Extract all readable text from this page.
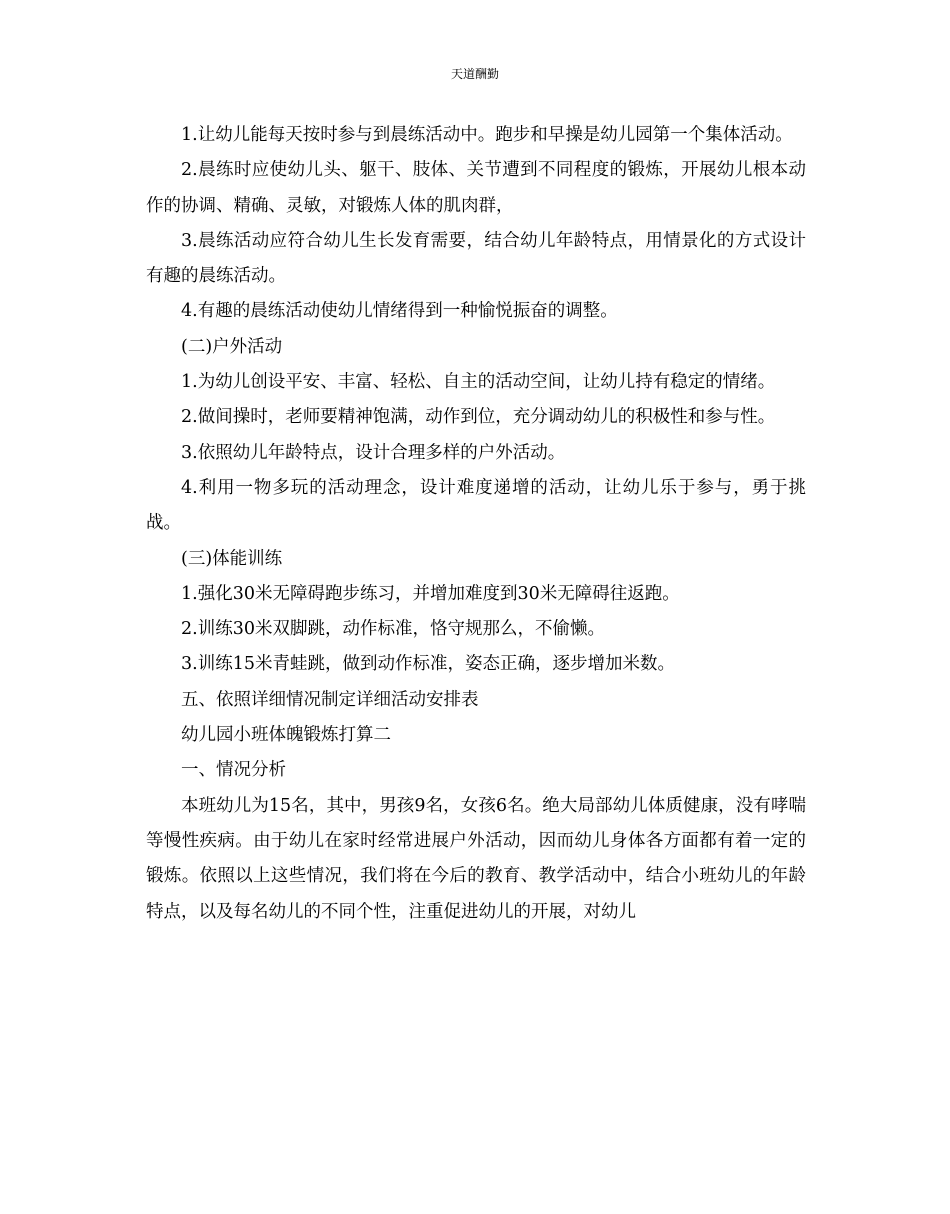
天道酬勤

1.让幼儿能每天按时参与到晨练活动中。跑步和早操是幼儿园第一个集体活动。

2.晨练时应使幼儿头、躯干、肢体、关节遭到不同程度的锻炼，开展幼儿根本动作的协调、精确、灵敏，对锻炼人体的肌肉群，

3.晨练活动应符合幼儿生长发育需要，结合幼儿年龄特点，用情景化的方式设计有趣的晨练活动。

4.有趣的晨练活动使幼儿情绪得到一种愉悦振奋的调整。

(二)户外活动

1.为幼儿创设平安、丰富、轻松、自主的活动空间，让幼儿持有稳定的情绪。

2.做间操时，老师要精神饱满，动作到位，充分调动幼儿的积极性和参与性。

3.依照幼儿年龄特点，设计合理多样的户外活动。

4.利用一物多玩的活动理念，设计难度递增的活动，让幼儿乐于参与，勇于挑战。

(三)体能训练

1.强化30米无障碍跑步练习，并增加难度到30米无障碍往返跑。

2.训练30米双脚跳，动作标准，恪守规那么，不偷懒。

3.训练15米青蛙跳，做到动作标准，姿态正确，逐步增加米数。

五、依照详细情况制定详细活动安排表

幼儿园小班体魄锻炼打算二

一、情况分析

本班幼儿为15名，其中，男孩9名，女孩6名。绝大局部幼儿体质健康，没有哮喘等慢性疾病。由于幼儿在家时经常进展户外活动，因而幼儿身体各方面都有着一定的锻炼。依照以上这些情况，我们将在今后的教育、教学活动中，结合小班幼儿的年龄特点，以及每名幼儿的不同个性，注重促进幼儿的开展，对幼儿
